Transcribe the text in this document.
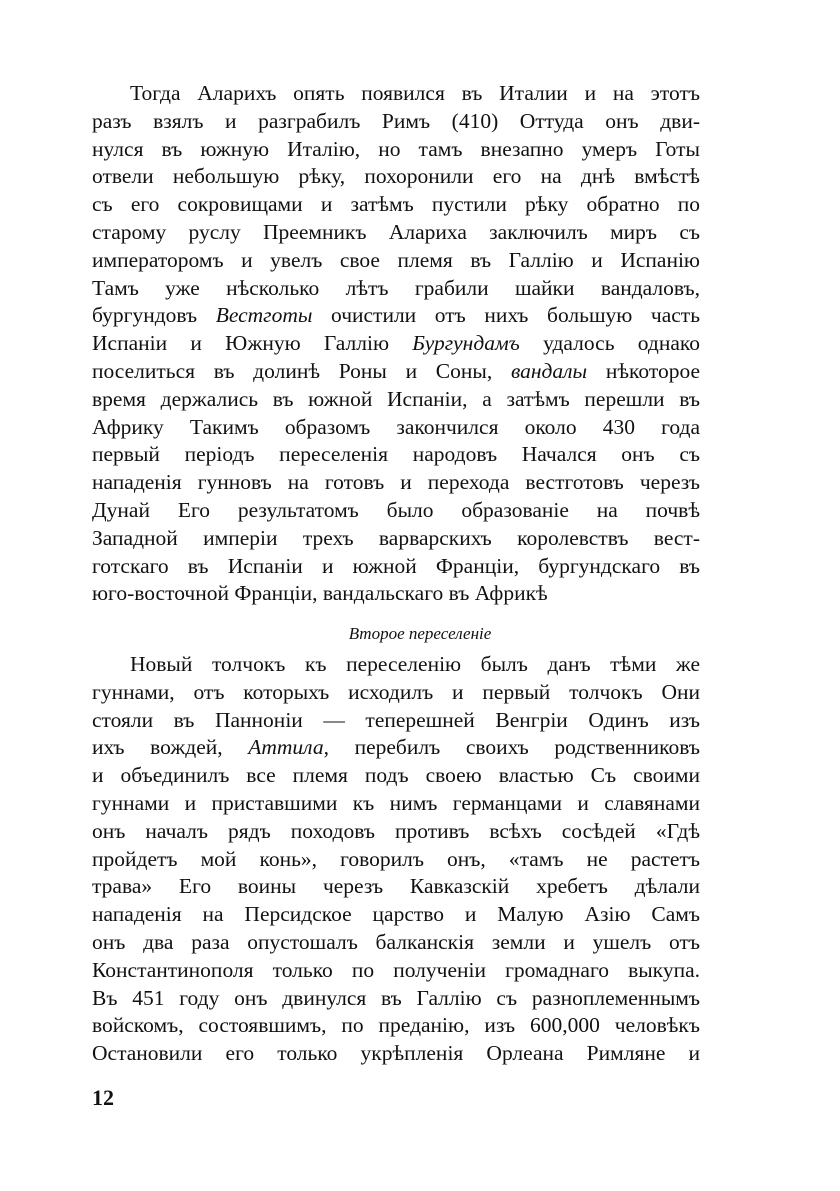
Тогда Аларихъ опять появился въ Италии и на этотъ
разъ взялъ и разграбилъ Римъ (410) Оттуда онъ дви-
нулся въ южную Италію, но тамъ внезапно умеръ Готы
отвели небольшую рѣку, похоронили его на днѣ вмѣстѣ
съ его сокровищами и затѣмъ пустили рѣку обратно по
старому руслу Преемникъ Алариха заключилъ миръ съ
императоромъ и увелъ свое племя въ Галлію и Испанію
Тамъ уже нѣсколько лѣтъ грабили шайки вандаловъ,
бургундовъ Вестготы очистили отъ нихъ большую часть
Испаніи и Южную Галлію Бургундамъ удалось однако
поселиться въ долинѣ Роны и Соны, вандалы нѣкоторое
время держались въ южной Испаніи, а затѣмъ перешли въ
Африку Такимъ образомъ закончился около 430 года
первый періодъ переселенія народовъ Начался онъ съ
нападенія гунновъ на готовъ и перехода вестготовъ черезъ
Дунай Его результатомъ было образованіе на почвѣ
Западной имперіи трехъ варварскихъ королевствъ вест-
готскаго въ Испаніи и южной Франціи, бургундскаго въ
юго-восточной Франціи, вандальскаго въ Африкѣ
Второе переселеніе
Новый толчокъ къ переселенію былъ данъ тѣми же
гуннами, отъ которыхъ исходилъ и первый толчокъ Они
стояли въ Панноніи — теперешней Венгріи Одинъ изъ
ихъ вождей, Аттила, перебилъ своихъ родственниковъ
и объединилъ все племя подъ своею властью Съ своими
гуннами и приставшими къ нимъ германцами и славянами
онъ началъ рядъ походовъ противъ всѣхъ сосѣдей «Гдѣ
пройдетъ мой конь», говорилъ онъ, «тамъ не растетъ
трава» Его воины черезъ Кавказскій хребетъ дѣлали
нападенія на Персидское царство и Малую Азію Самъ
онъ два раза опустошалъ балканскія земли и ушелъ отъ
Константинополя только по полученіи громаднаго выкупа.
Въ 451 году онъ двинулся въ Галлію съ разноплеменнымъ
войскомъ, состоявшимъ, по преданію, изъ 600,000 человѣкъ
Остановили его только укрѣпленія Орлеана Римляне и
12
